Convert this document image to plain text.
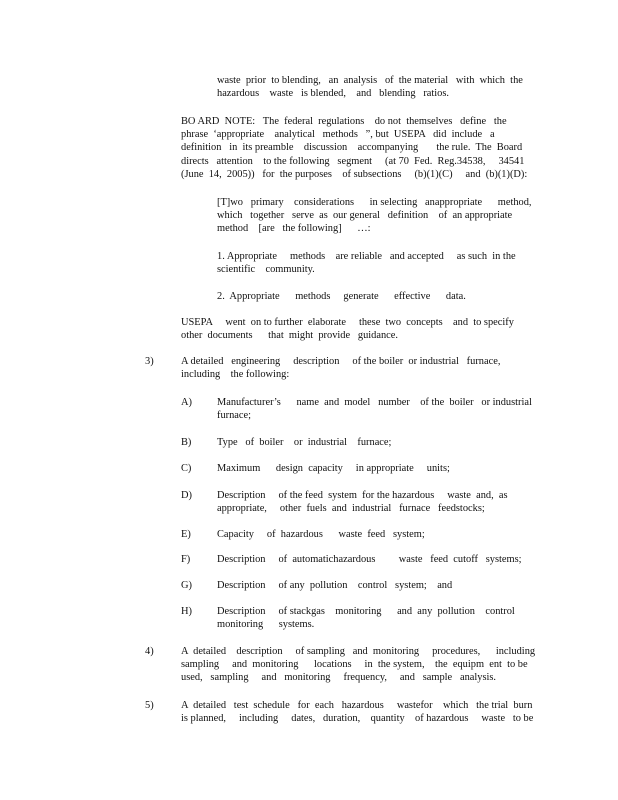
waste  prior  to blending,   an  analysis   of  the material   with  which  the
hazardous    waste   is blended,    and   blending   ratios.
BO ARD  NOTE:   The  federal  regulations    do not  themselves   define   the
phrase  ‘appropriate    analytical   methods   ”, but  USEPA   did  include   a
definition   in  its preamble    discussion    accompanying       the rule.  The  Board
directs   attention    to the following   segment     (at 70  Fed.  Reg.34538,     34541
(June  14,  2005))   for  the purposes    of subsections     (b)(1)(C)     and  (b)(1)(D):
[T]wo   primary    considerations      in selecting   anappropriate      method,
which   together   serve  as  our general   definition    of  an appropriate
method    [are   the following]      …:
1. Appropriate     methods    are reliable   and accepted     as such  in the
scientific    community.
2.  Appropriate      methods     generate      effective      data.
USEPA     went  on to further  elaborate     these  two  concepts    and  to specify
other  documents      that  might  provide   guidance.
3)	A detailed   engineering     description     of the boiler  or industrial   furnace,
including    the following:
A) Manufacturer’s      name  and  model   number    of the  boiler   or industrial
furnace;
B) Type   of  boiler    or  industrial    furnace;
C) Maximum      design  capacity     in appropriate     units;
D) Description     of the feed  system  for the hazardous     waste  and,  as
appropriate,     other  fuels  and  industrial   furnace   feedstocks;
E)	Capacity     of  hazardous      waste  feed   system;
F)	Description     of  automatichazardous         waste   feed  cutoff   systems;
G) Description     of any  pollution    control   system;    and
H) Description     of stackgas    monitoring      and  any  pollution    control
monitoring      systems.
4)	A  detailed    description     of sampling   and  monitoring     procedures,      including
sampling     and  monitoring      locations     in  the system,    the  equipm  ent  to be
used,   sampling     and   monitoring     frequency,     and   sample   analysis.
5)	A  detailed   test  schedule   for  each   hazardous     wastefor    which   the trial  burn
is planned,     including     dates,   duration,    quantity    of hazardous     waste   to be
